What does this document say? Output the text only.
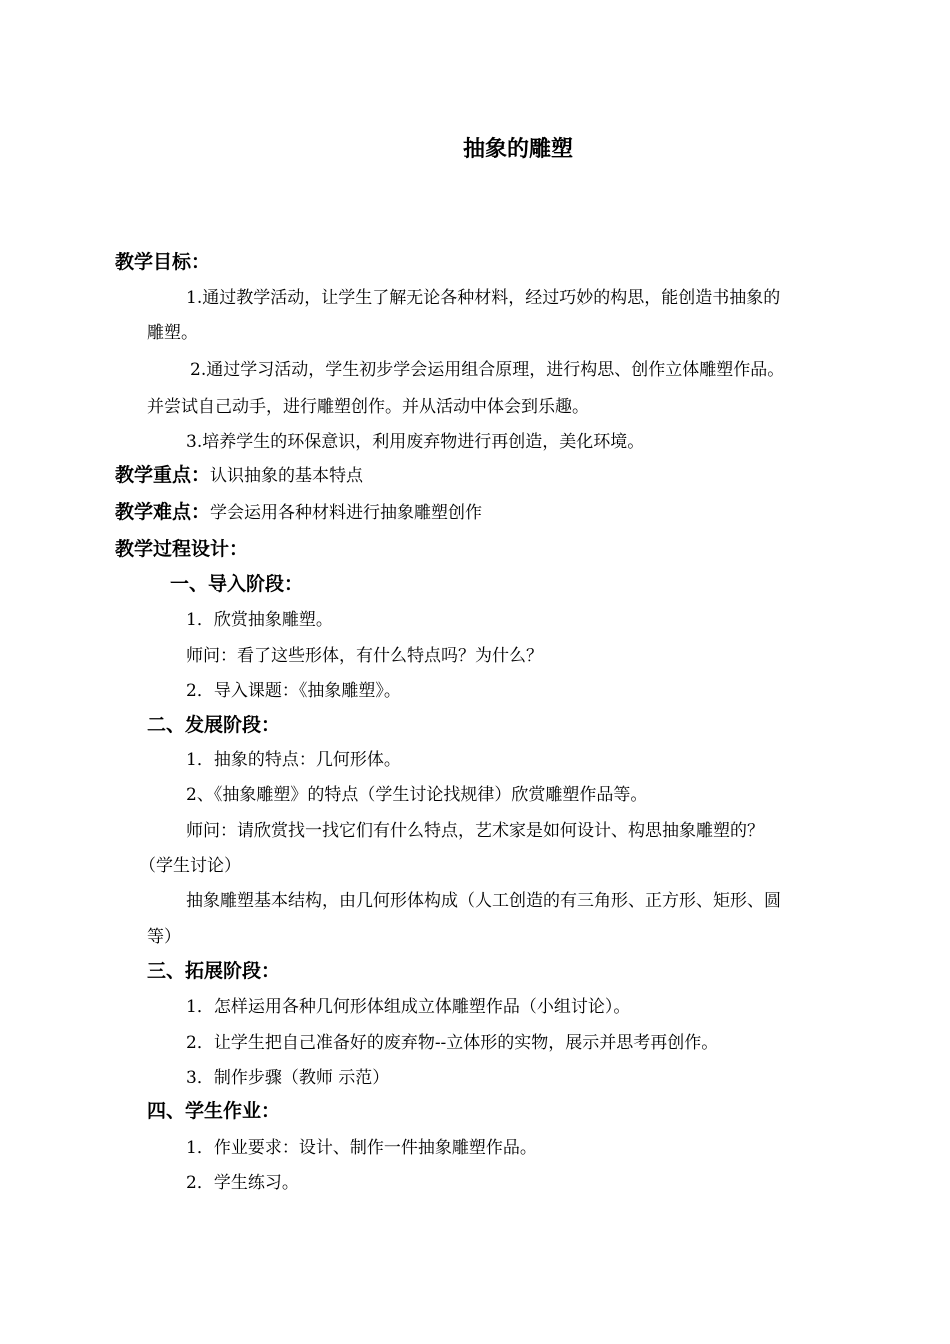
抽象的雕塑
教学目标：
1.通过教学活动，让学生了解无论各种材料，经过巧妙的构思，能创造书抽象的
雕塑。
2.通过学习活动，学生初步学会运用组合原理，进行构思、创作立体雕塑作品。
并尝试自己动手，进行雕塑创作。并从活动中体会到乐趣。
3.培养学生的环保意识，利用废弃物进行再创造，美化环境。
教学重点：认识抽象的基本特点
教学难点：学会运用各种材料进行抽象雕塑创作
教学过程设计：
一、导入阶段：
1．欣赏抽象雕塑。
师问：看了这些形体，有什么特点吗？为什么？
2．导入课题：《抽象雕塑》。
二、发展阶段：
1．抽象的特点：几何形体。
2、《抽象雕塑》的特点（学生讨论找规律）欣赏雕塑作品等。
师问：请欣赏找一找它们有什么特点，艺术家是如何设计、构思抽象雕塑的？
（学生讨论）
抽象雕塑基本结构，由几何形体构成（人工创造的有三角形、正方形、矩形、圆
等）
三、拓展阶段：
1．怎样运用各种几何形体组成立体雕塑作品（小组讨论）。
2．让学生把自己准备好的废弃物--立体形的实物，展示并思考再创作。
3．制作步骤（教师 示范）
四、学生作业：
1．作业要求：设计、制作一件抽象雕塑作品。
2．学生练习。
